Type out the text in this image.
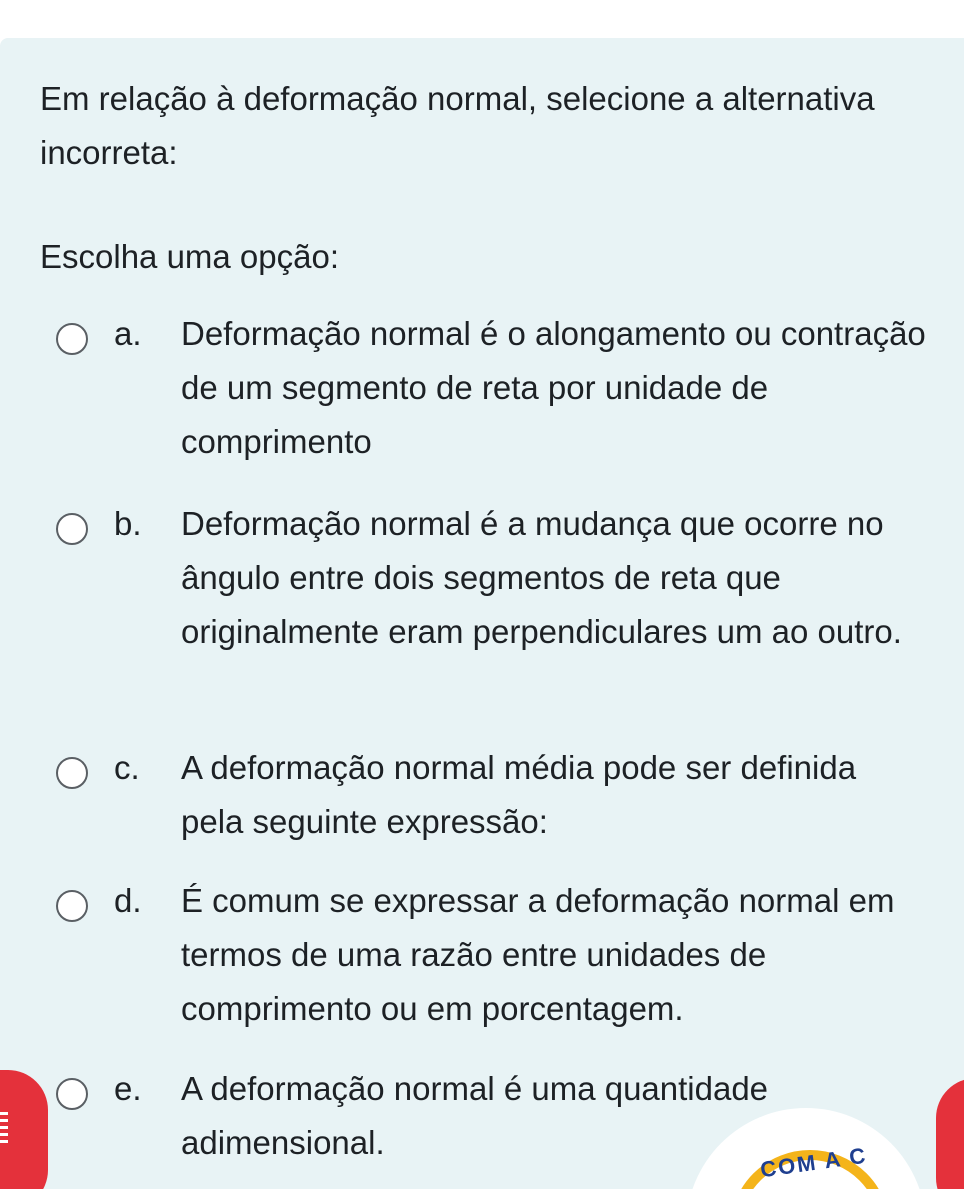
Em relação à deformação normal, selecione a alternativa incorreta:
Escolha uma opção:
a. Deformação normal é o alongamento ou contração de um segmento de reta por unidade de comprimento
b. Deformação normal é a mudança que ocorre no ângulo entre dois segmentos de reta que originalmente eram perpendiculares um ao outro.
c. A deformação normal média pode ser definida pela seguinte expressão:
d. É comum se expressar a deformação normal em termos de uma razão entre unidades de comprimento ou em porcentagem.
e. A deformação normal é uma quantidade adimensional.
COM A C
